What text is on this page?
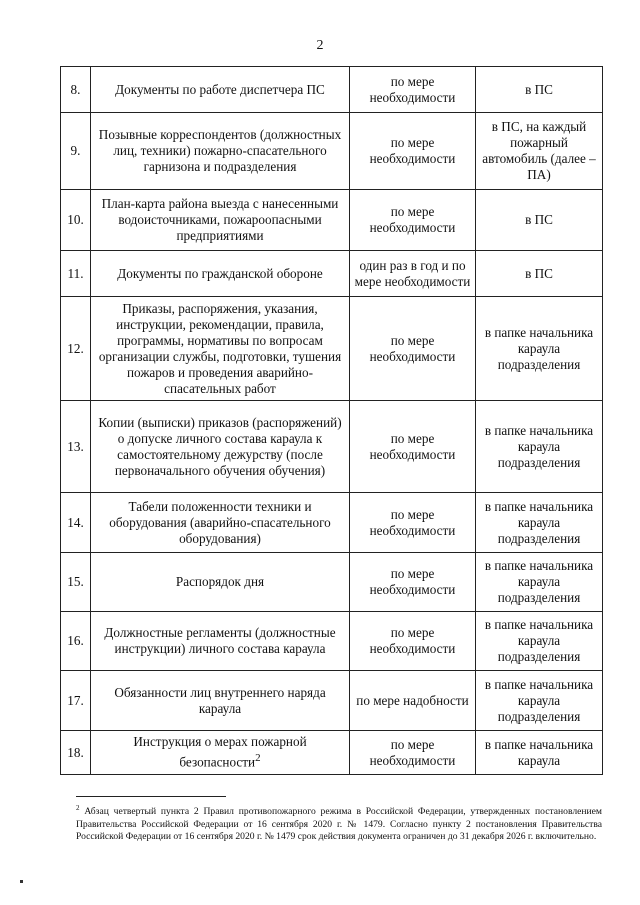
2
8.	Документы по работе диспетчера ПС	по мере необходимости	в ПС
9.	Позывные корреспондентов (должностных лиц, техники) пожарно-спасательного гарнизона и подразделения	по мере необходимости	в ПС, на каждый пожарный автомобиль (далее – ПА)
10.	План-карта района выезда с нанесенными водоисточниками, пожароопасными предприятиями	по мере необходимости	в ПС
11.	Документы по гражданской обороне	один раз в год и по мере необходимости	в ПС
12.	Приказы, распоряжения, указания, инструкции, рекомендации, правила, программы, нормативы по вопросам организации службы, подготовки, тушения пожаров и проведения аварийно-спасательных работ	по мере необходимости	в папке начальника караула подразделения
13.	Копии (выписки) приказов (распоряжений) о допуске личного состава караула к самостоятельному дежурству (после первоначального обучения обучения)	по мере необходимости	в папке начальника караула подразделения
14.	Табели положенности техники и оборудования (аварийно-спасательного оборудования)	по мере необходимости	в папке начальника караула подразделения
15.	Распорядок дня	по мере необходимости	в папке начальника караула подразделения
16.	Должностные регламенты (должностные инструкции) личного состава караула	по мере необходимости	в папке начальника караула подразделения
17.	Обязанности лиц внутреннего наряда караула	по мере надобности	в папке начальника караула подразделения
18.	Инструкция о мерах пожарной безопасности$^2$	по мере необходимости	в папке начальника караула
$^2$ Абзац четвертый пункта 2 Правил противопожарного режима в Российской Федерации, утвержденных постановлением Правительства Российской Федерации от 16 сентября 2020 г. № 1479. Согласно пункту 2 постановления Правительства Российской Федерации от 16 сентября 2020 г. № 1479 срок действия документа ограничен до 31 декабря 2026 г. включительно.
